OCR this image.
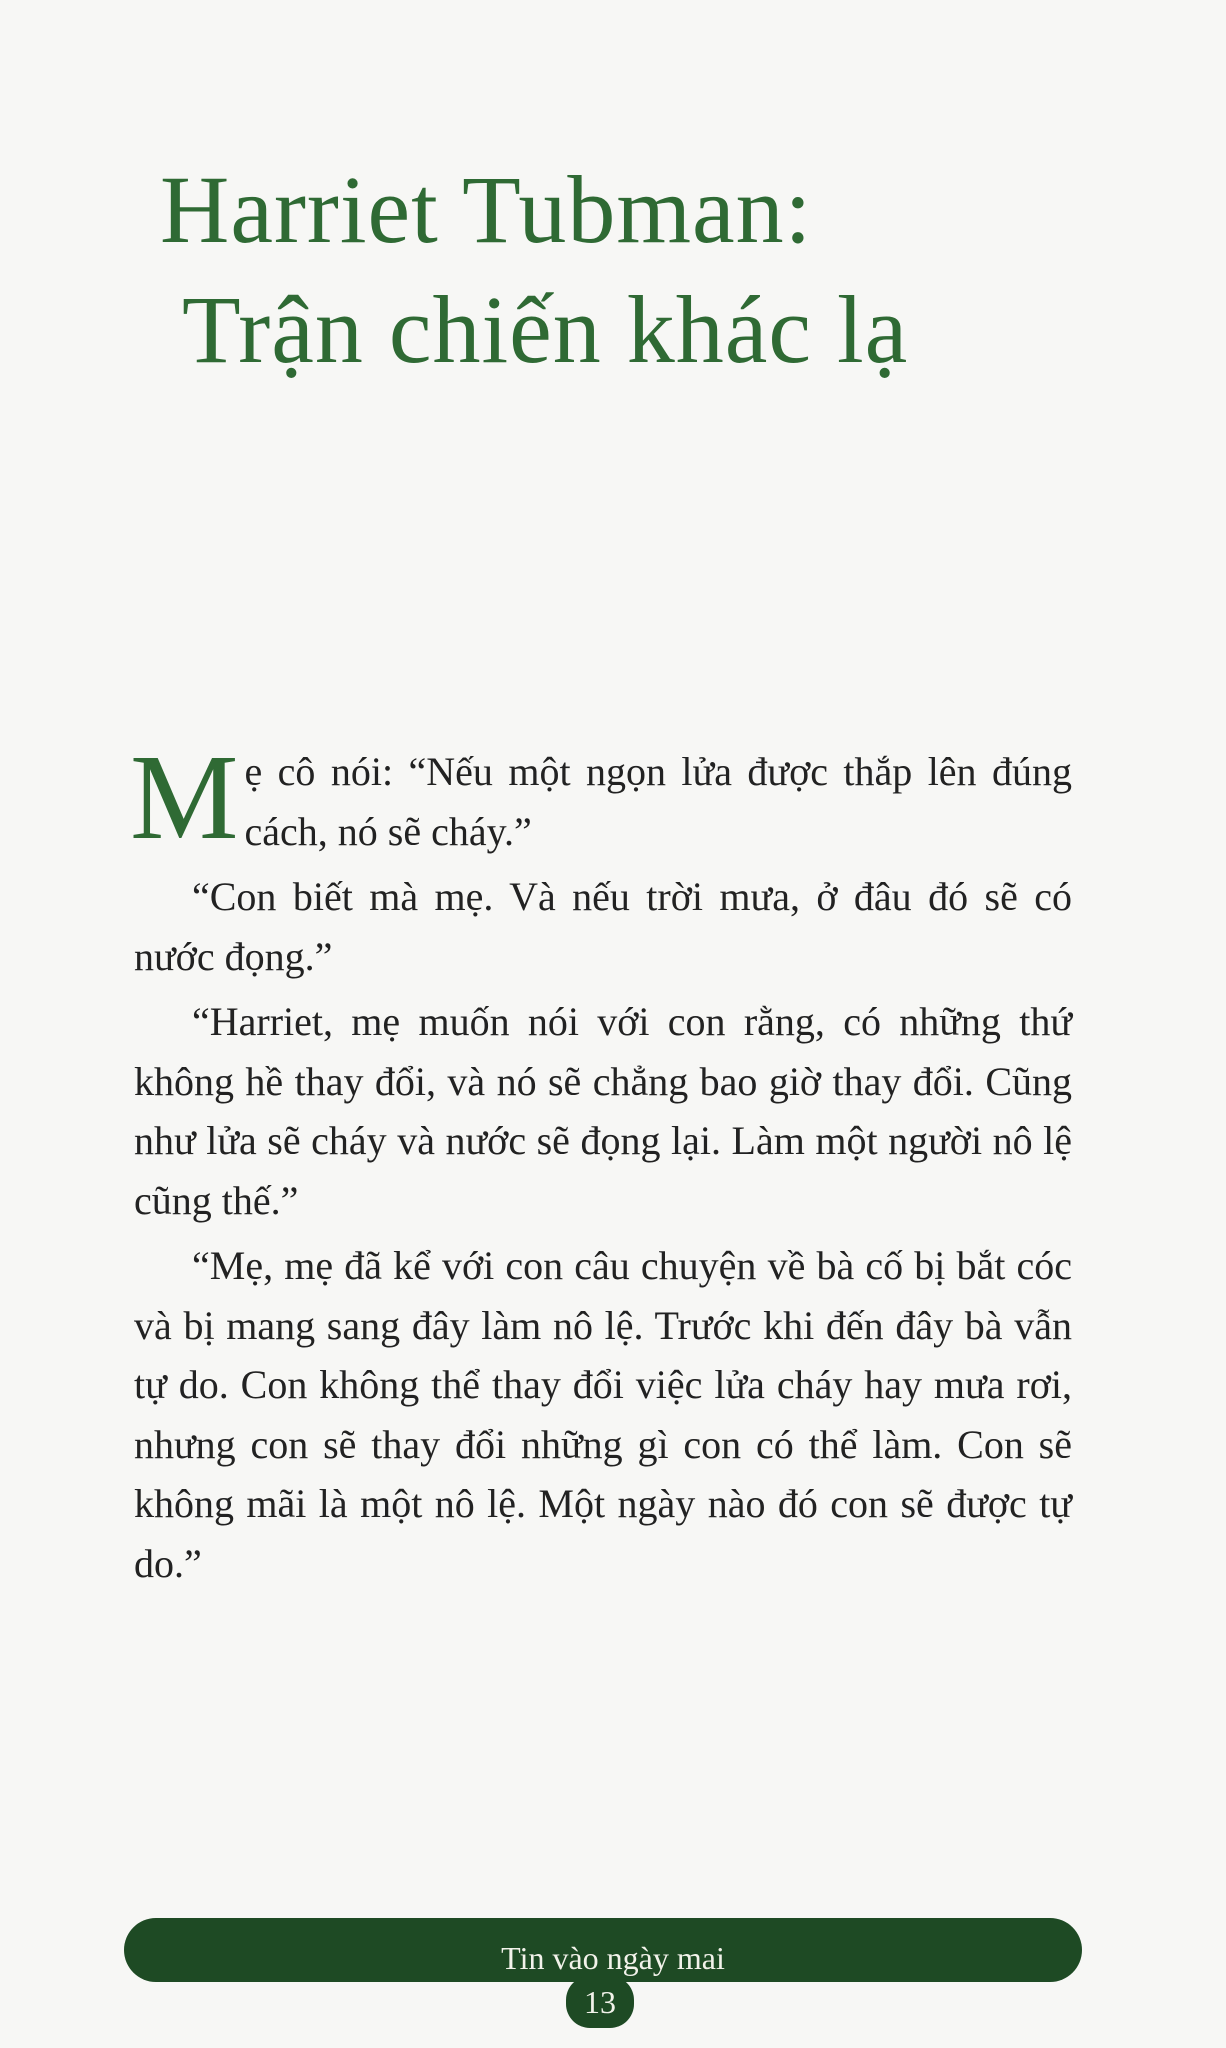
Harriet Tubman:
Trận chiến khác lạ

Mẹ cô nói: “Nếu một ngọn lửa được thắp lên đúng cách, nó sẽ cháy.”

“Con biết mà mẹ. Và nếu trời mưa, ở đâu đó sẽ có nước đọng.”

“Harriet, mẹ muốn nói với con rằng, có những thứ không hề thay đổi, và nó sẽ chẳng bao giờ thay đổi. Cũng như lửa sẽ cháy và nước sẽ đọng lại. Làm một người nô lệ cũng thế.”

“Mẹ, mẹ đã kể với con câu chuyện về bà cố bị bắt cóc và bị mang sang đây làm nô lệ. Trước khi đến đây bà vẫn tự do. Con không thể thay đổi việc lửa cháy hay mưa rơi, nhưng con sẽ thay đổi những gì con có thể làm. Con sẽ không mãi là một nô lệ. Một ngày nào đó con sẽ được tự do.”

Tin vào ngày mai
13
